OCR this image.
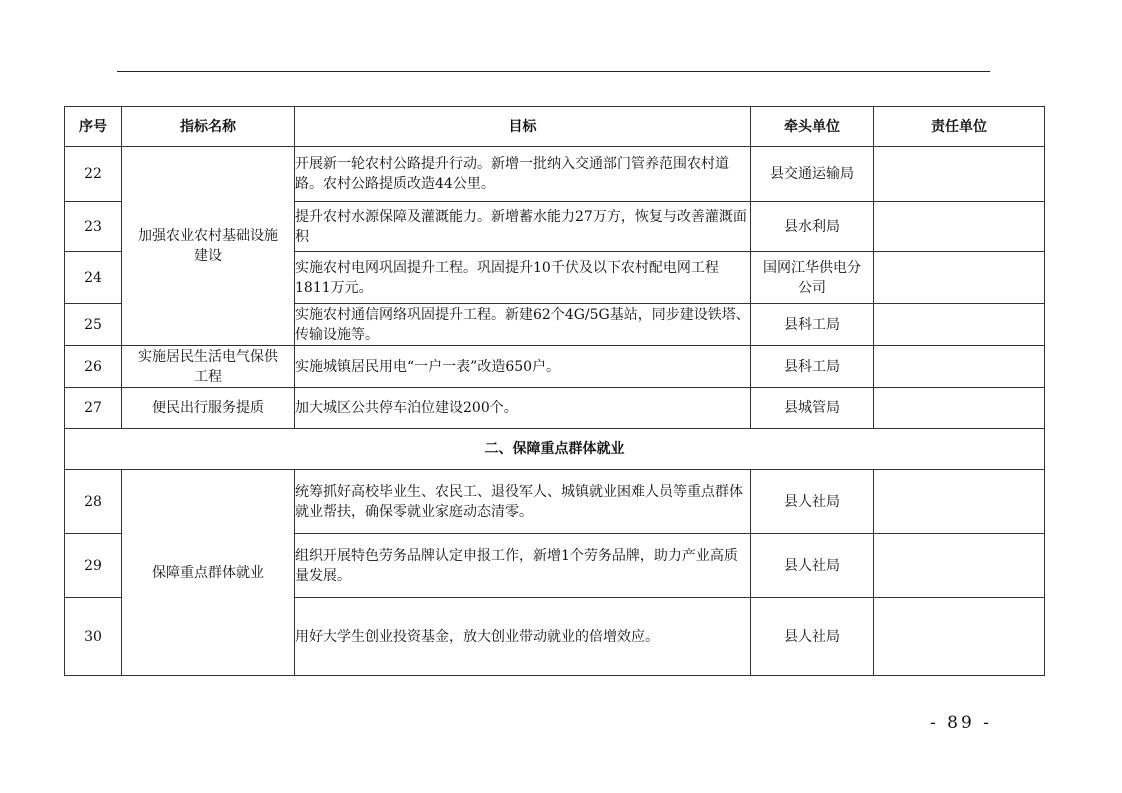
序号	指标名称	目标	牵头单位	责任单位
22	加强农业农村基础设施建设	开展新一轮农村公路提升行动。新增一批纳入交通部门管养范围农村道路。农村公路提质改造44公里。	县交通运输局	
23		提升农村水源保障及灌溉能力。新增蓄水能力27万方，恢复与改善灌溉面积	县水利局	
24		实施农村电网巩固提升工程。巩固提升10千伏及以下农村配电网工程1811万元。	国网江华供电分公司	
25		实施农村通信网络巩固提升工程。新建62个4G/5G基站，同步建设铁塔、传输设施等。	县科工局	
26	实施居民生活电气保供工程	实施城镇居民用电“一户一表”改造650户。	县科工局	
27	便民出行服务提质	加大城区公共停车泊位建设200个。	县城管局	
二、保障重点群体就业				
28	保障重点群体就业	统筹抓好高校毕业生、农民工、退役军人、城镇就业困难人员等重点群体就业帮扶，确保零就业家庭动态清零。	县人社局	
29		组织开展特色劳务品牌认定申报工作，新增1个劳务品牌，助力产业高质量发展。	县人社局	
30		用好大学生创业投资基金，放大创业带动就业的倍增效应。	县人社局	
- 89 -
